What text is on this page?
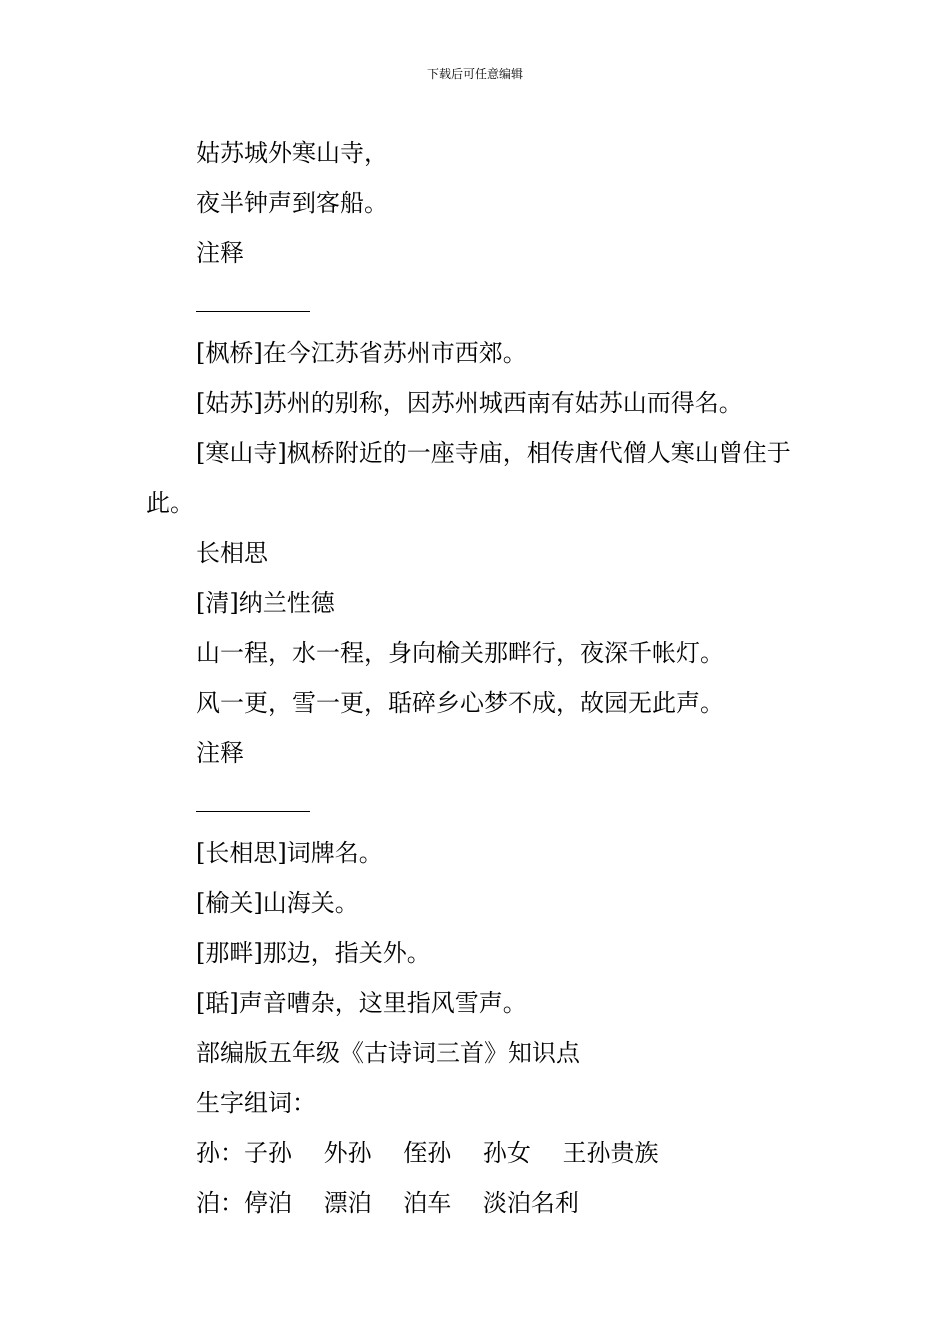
下载后可任意编辑
姑苏城外寒山寺，
夜半钟声到客船。
注释
[枫桥]在今江苏省苏州市西郊。
[姑苏]苏州的别称，因苏州城西南有姑苏山而得名。
[寒山寺]枫桥附近的一座寺庙，相传唐代僧人寒山曾住于此。
长相思
[清]纳兰性德
山一程，水一程，身向榆关那畔行，夜深千帐灯。
风一更，雪一更，聒碎乡心梦不成，故园无此声。
注释
[长相思]词牌名。
[榆关]山海关。
[那畔]那边，指关外。
[聒]声音嘈杂，这里指风雪声。
部编版五年级《古诗词三首》知识点
生字组词：
孙：子孙　 外孙　 侄孙　 孙女　 王孙贵族
泊：停泊　 漂泊　 泊车　 淡泊名利
